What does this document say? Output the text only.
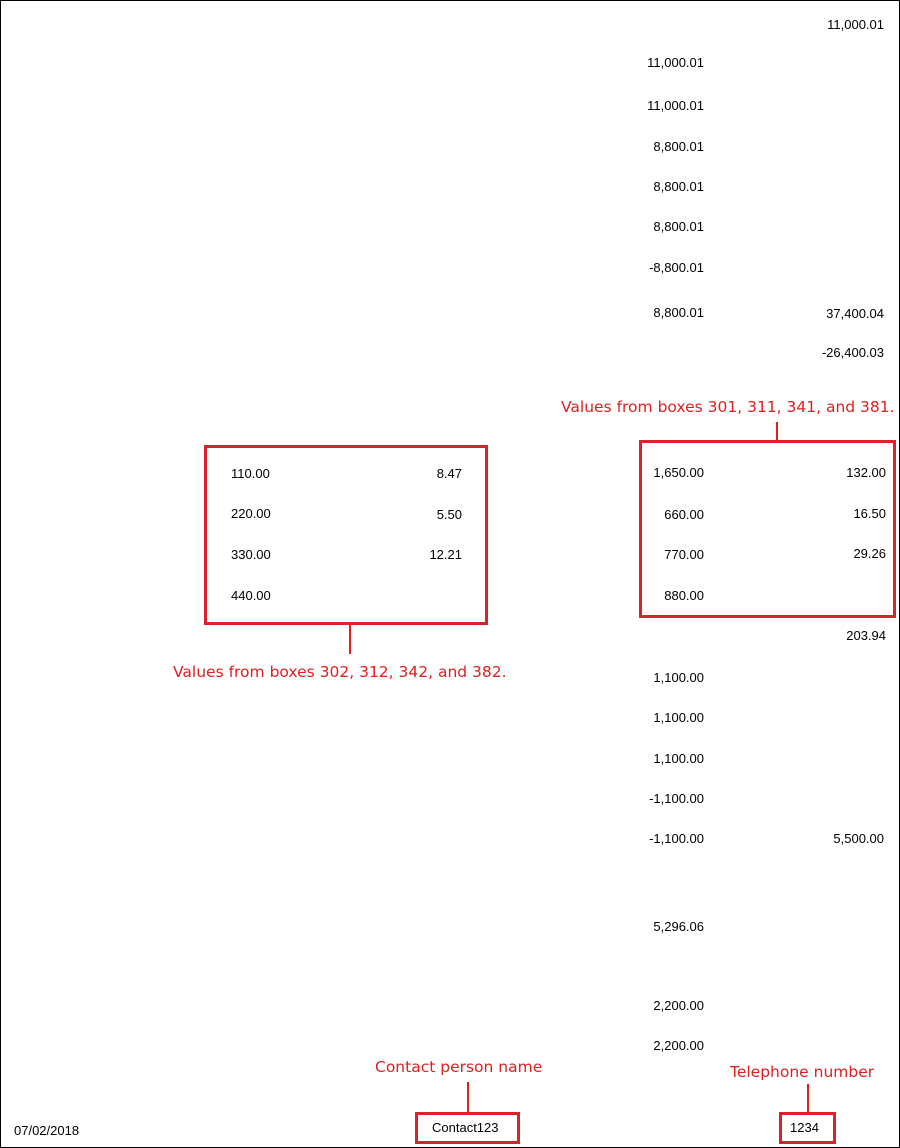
11,000.01
11,000.01
11,000.01
8,800.01
8,800.01
8,800.01
-8,800.01
8,800.01	37,400.04
-26,400.03
Values from boxes 301, 311, 341, and 381.
1,650.00
660.00
770.00
880.00
132.00
16.50
29.26
110.00
220.00
330.00
440.00
8.47
5.50
12.21
Values from boxes 302, 312, 342, and 382.
203.94
1,100.00
1,100.00
1,100.00
-1,100.00
-1,100.00	5,500.00
5,296.06
2,200.00
2,200.00
07/02/2018
Contact person name
Contact123
Telephone number
1234
